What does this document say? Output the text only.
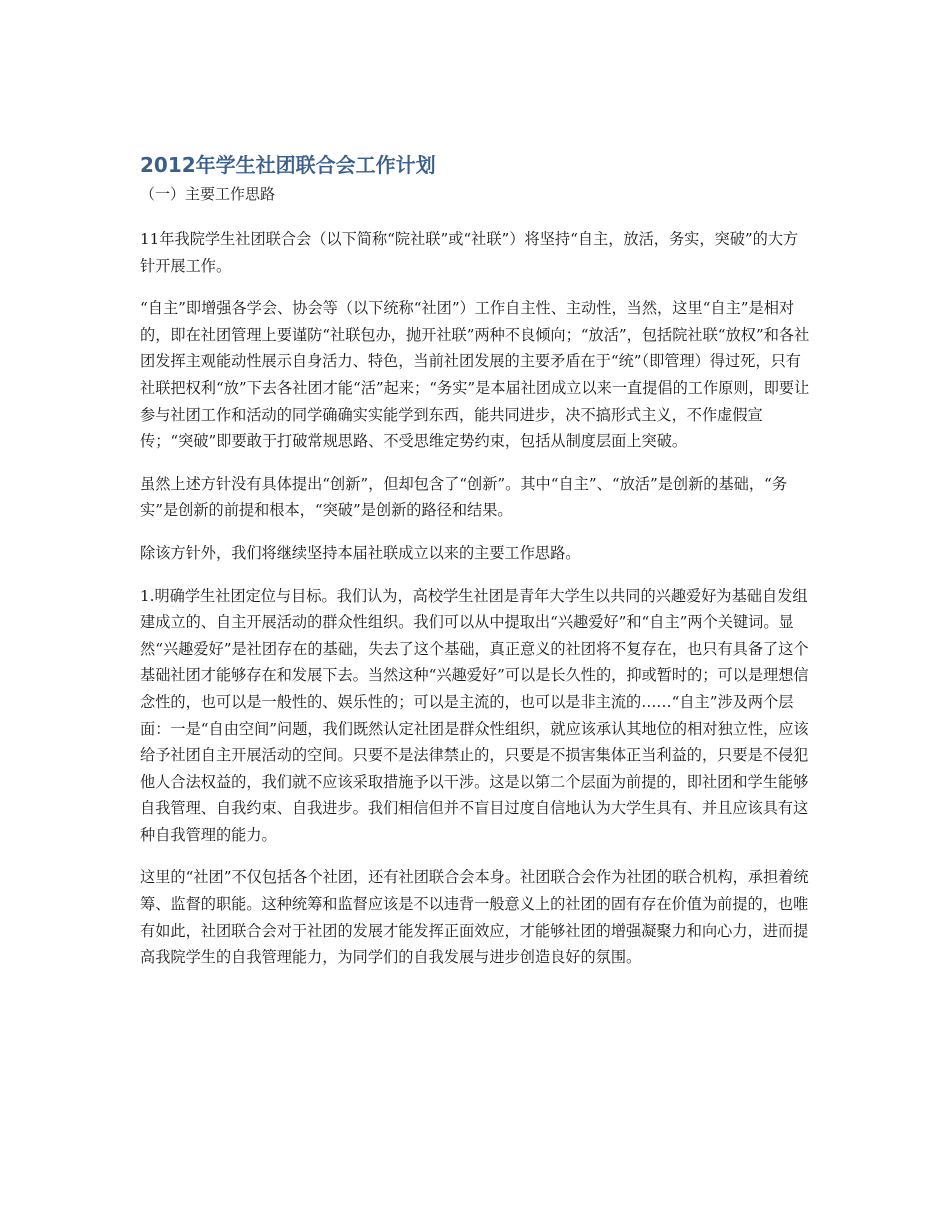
2012年学生社团联合会工作计划
（一）主要工作思路

11年我院学生社团联合会（以下简称“院社联”或“社联”）将坚持“自主，放活，务实，突破”的大方针开展工作。

“自主”即增强各学会、协会等（以下统称“社团”）工作自主性、主动性，当然，这里“自主”是相对的，即在社团管理上要谨防“社联包办，抛开社联”两种不良倾向；“放活”，包括院社联“放权”和各社团发挥主观能动性展示自身活力、特色，当前社团发展的主要矛盾在于“统”（即管理）得过死，只有社联把权利“放”下去各社团才能“活”起来；“务实”是本届社团成立以来一直提倡的工作原则，即要让参与社团工作和活动的同学确确实实能学到东西，能共同进步，决不搞形式主义，不作虚假宣传；“突破”即要敢于打破常规思路、不受思维定势约束，包括从制度层面上突破。

虽然上述方针没有具体提出“创新”，但却包含了“创新”。其中“自主”、“放活”是创新的基础，“务实”是创新的前提和根本，“突破”是创新的路径和结果。

除该方针外，我们将继续坚持本届社联成立以来的主要工作思路。

1.明确学生社团定位与目标。我们认为，高校学生社团是青年大学生以共同的兴趣爱好为基础自发组建成立的、自主开展活动的群众性组织。我们可以从中提取出“兴趣爱好”和“自主”两个关键词。显然“兴趣爱好”是社团存在的基础，失去了这个基础，真正意义的社团将不复存在，也只有具备了这个基础社团才能够存在和发展下去。当然这种“兴趣爱好”可以是长久性的，抑或暂时的；可以是理想信念性的，也可以是一般性的、娱乐性的；可以是主流的，也可以是非主流的……“自主”涉及两个层面：一是“自由空间”问题，我们既然认定社团是群众性组织，就应该承认其地位的相对独立性，应该给予社团自主开展活动的空间。只要不是法律禁止的，只要是不损害集体正当利益的，只要是不侵犯他人合法权益的，我们就不应该采取措施予以干涉。这是以第二个层面为前提的，即社团和学生能够自我管理、自我约束、自我进步。我们相信但并不盲目过度自信地认为大学生具有、并且应该具有这种自我管理的能力。

这里的“社团”不仅包括各个社团，还有社团联合会本身。社团联合会作为社团的联合机构，承担着统筹、监督的职能。这种统筹和监督应该是不以违背一般意义上的社团的固有存在价值为前提的，也唯有如此，社团联合会对于社团的发展才能发挥正面效应，才能够社团的增强凝聚力和向心力，进而提高我院学生的自我管理能力，为同学们的自我发展与进步创造良好的氛围。
